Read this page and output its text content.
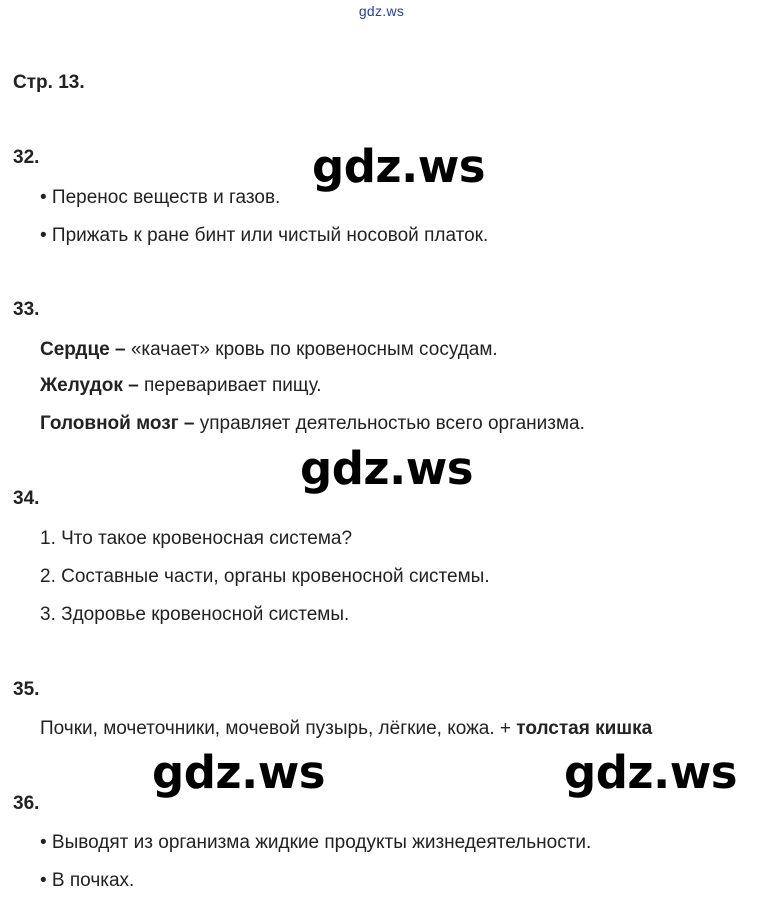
gdz.ws
Стр. 13.
32.
• Перенос веществ и газов.
• Прижать к ране бинт или чистый носовой платок.
33.
Сердце – «качает» кровь по кровеносным сосудам.
Желудок – переваривает пищу.
Головной мозг – управляет деятельностью всего организма.
34.
1. Что такое кровеносная система?
2. Составные части, органы кровеносной системы.
3. Здоровье кровеносной системы.
35.
Почки, мочеточники, мочевой пузырь, лёгкие, кожа. + толстая кишка
36.
• Выводят из организма жидкие продукты жизнедеятельности.
• В почках.
gdz.ws
gdz.ws
gdz.ws	gdz.ws
